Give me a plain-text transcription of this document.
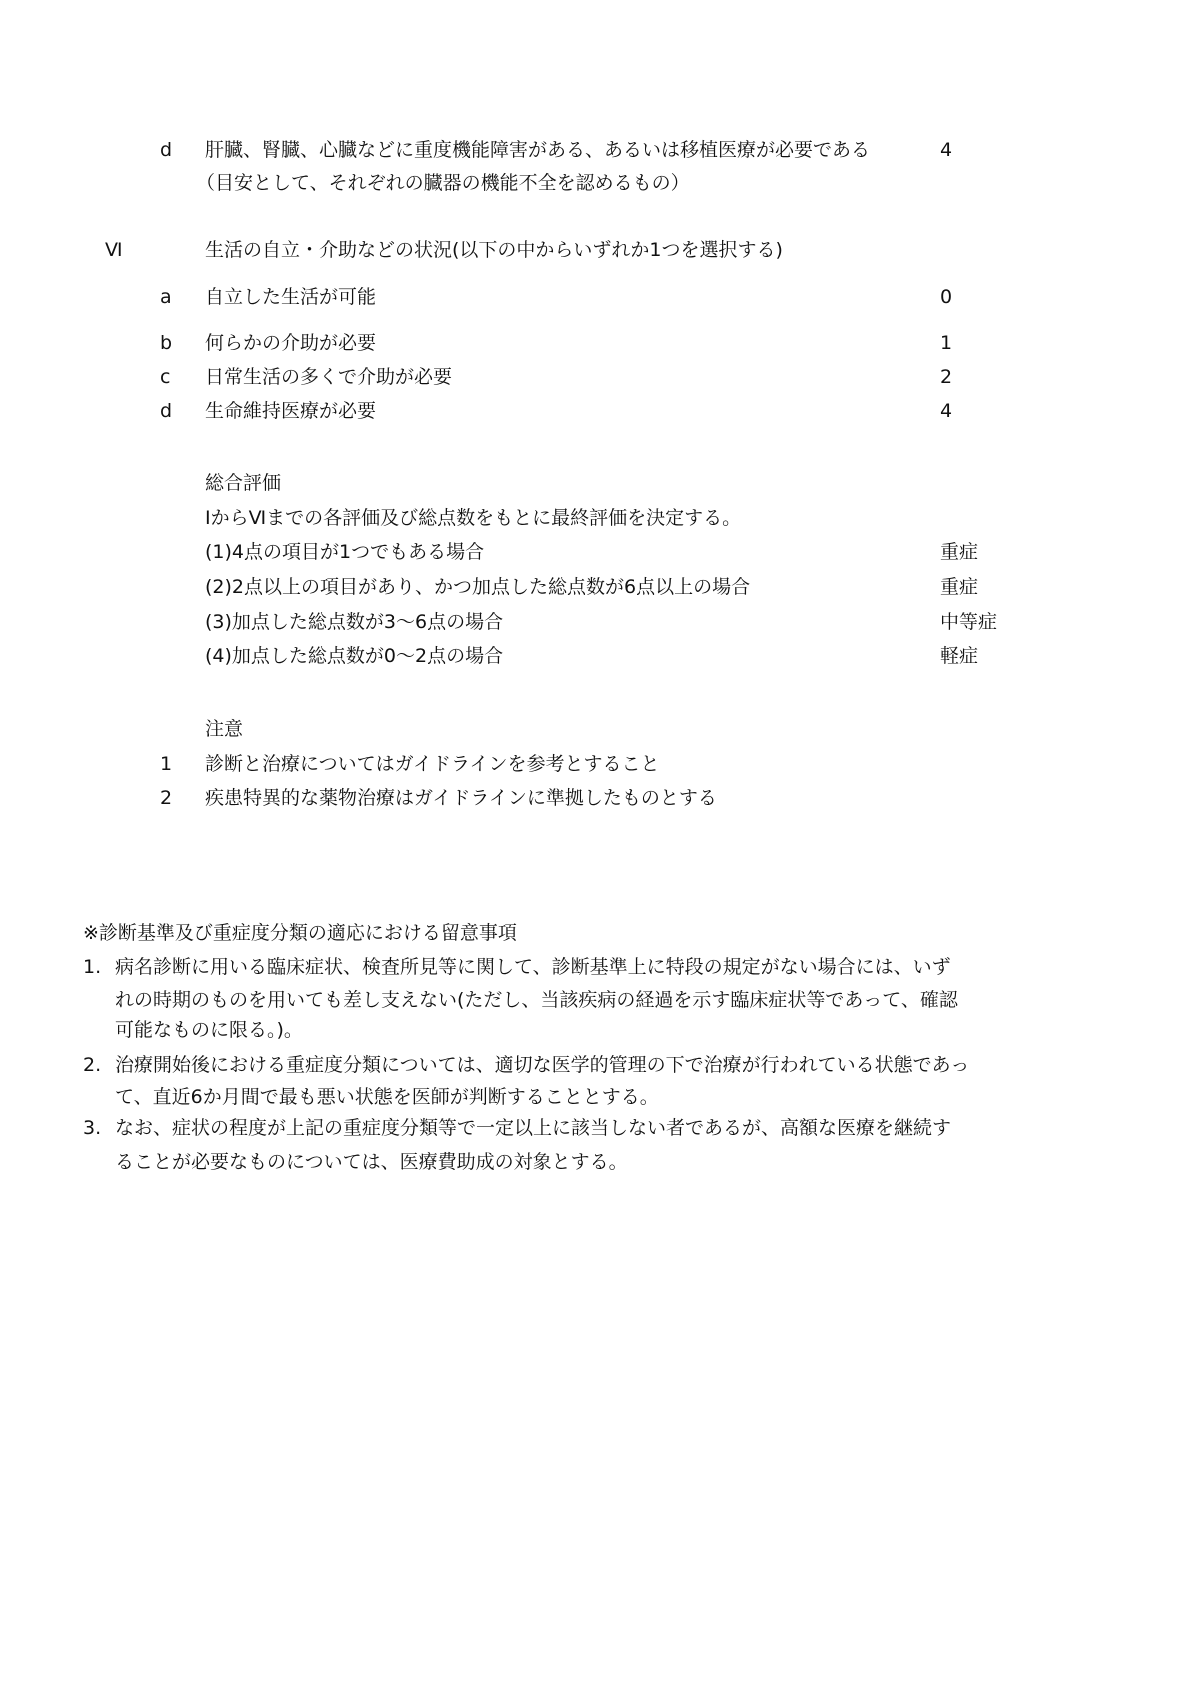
d 肝臓、腎臓、心臓などに重度機能障害がある、あるいは移植医療が必要である	4
（目安として、それぞれの臓器の機能不全を認めるもの）
Ⅵ	生活の自立・介助などの状況(以下の中からいずれか1つを選択する)
a 自立した生活が可能	0
b 何らかの介助が必要	1
c 日常生活の多くで介助が必要	2
d 生命維持医療が必要	4
総合評価
ⅠからⅥまでの各評価及び総点数をもとに最終評価を決定する。
(1)4点の項目が1つでもある場合	重症
(2)2点以上の項目があり、かつ加点した総点数が6点以上の場合	重症
(3)加点した総点数が3～6点の場合	中等症
(4)加点した総点数が0～2点の場合	軽症
注意
1 診断と治療についてはガイドラインを参考とすること
2 疾患特異的な薬物治療はガイドラインに準拠したものとする
※診断基準及び重症度分類の適応における留意事項
1. 病名診断に用いる臨床症状、検査所見等に関して、診断基準上に特段の規定がない場合には、いず
れの時期のものを用いても差し支えない(ただし、当該疾病の経過を示す臨床症状等であって、確認
可能なものに限る。)。
2. 治療開始後における重症度分類については、適切な医学的管理の下で治療が行われている状態であっ
て、直近6か月間で最も悪い状態を医師が判断することとする。
3. なお、症状の程度が上記の重症度分類等で一定以上に該当しない者であるが、高額な医療を継続す
ることが必要なものについては、医療費助成の対象とする。
